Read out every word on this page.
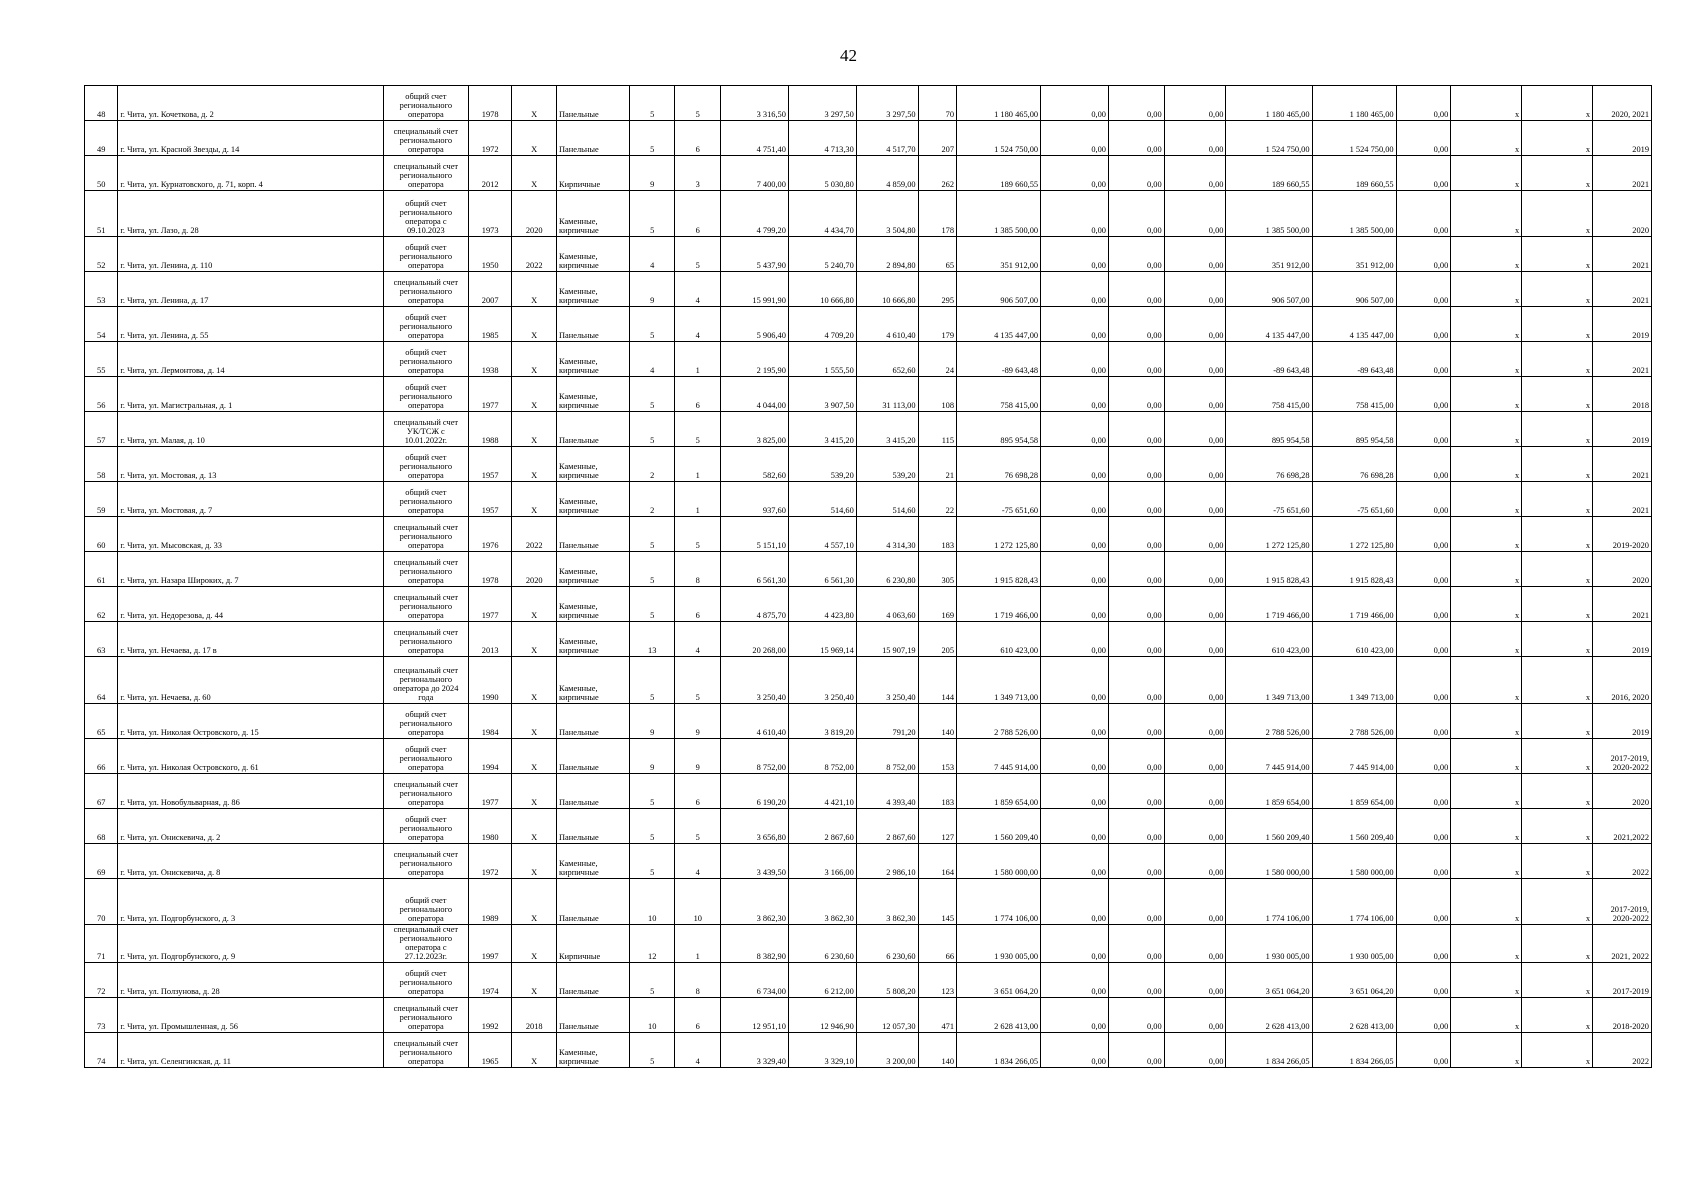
42
48	г. Чита, ул. Кочеткова, д. 2	общий счет регионального оператора	1978	Х	Панельные	5	5	3 316,50	3 297,50	3 297,50	70	1 180 465,00	0,00	0,00	0,00	1 180 465,00	1 180 465,00	0,00	х	х	2020, 2021
49	г. Чита, ул. Красной Звезды, д. 14	специальный счет регионального оператора	1972	Х	Панельные	5	6	4 751,40	4 713,30	4 517,70	207	1 524 750,00	0,00	0,00	0,00	1 524 750,00	1 524 750,00	0,00	х	х	2019
50	г. Чита, ул. Курнатовского, д. 71, корп. 4	специальный счет регионального оператора	2012	Х	Кирпичные	9	3	7 400,00	5 030,80	4 859,00	262	189 660,55	0,00	0,00	0,00	189 660,55	189 660,55	0,00	х	х	2021
51	г. Чита, ул. Лазо, д. 28	общий счет регионального оператора с 09.10.2023	1973	2020	Каменные, кирпичные	5	6	4 799,20	4 434,70	3 504,80	178	1 385 500,00	0,00	0,00	0,00	1 385 500,00	1 385 500,00	0,00	х	х	2020
52	г. Чита, ул. Ленина, д. 110	общий счет регионального оператора	1950	2022	Каменные, кирпичные	4	5	5 437,90	5 240,70	2 894,80	65	351 912,00	0,00	0,00	0,00	351 912,00	351 912,00	0,00	х	х	2021
53	г. Чита, ул. Ленина, д. 17	специальный счет регионального оператора	2007	Х	Каменные, кирпичные	9	4	15 991,90	10 666,80	10 666,80	295	906 507,00	0,00	0,00	0,00	906 507,00	906 507,00	0,00	х	х	2021
54	г. Чита, ул. Ленина, д. 55	общий счет регионального оператора	1985	Х	Панельные	5	4	5 906,40	4 709,20	4 610,40	179	4 135 447,00	0,00	0,00	0,00	4 135 447,00	4 135 447,00	0,00	х	х	2019
55	г. Чита, ул. Лермонтова, д. 14	общий счет регионального оператора	1938	Х	Каменные, кирпичные	4	1	2 195,90	1 555,50	652,60	24	-89 643,48	0,00	0,00	0,00	-89 643,48	-89 643,48	0,00	х	х	2021
56	г. Чита, ул. Магистральная, д. 1	общий счет регионального оператора	1977	Х	Каменные, кирпичные	5	6	4 044,00	3 907,50	31 113,00	108	758 415,00	0,00	0,00	0,00	758 415,00	758 415,00	0,00	х	х	2018
57	г. Чита, ул. Малая, д. 10	специальный счет УК/ТСЖ с 10.01.2022г.	1988	Х	Панельные	5	5	3 825,00	3 415,20	3 415,20	115	895 954,58	0,00	0,00	0,00	895 954,58	895 954,58	0,00	х	х	2019
58	г. Чита, ул. Мостовая, д. 13	общий счет регионального оператора	1957	Х	Каменные, кирпичные	2	1	582,60	539,20	539,20	21	76 698,28	0,00	0,00	0,00	76 698,28	76 698,28	0,00	х	х	2021
59	г. Чита, ул. Мостовая, д. 7	общий счет регионального оператора	1957	Х	Каменные, кирпичные	2	1	937,60	514,60	514,60	22	-75 651,60	0,00	0,00	0,00	-75 651,60	-75 651,60	0,00	х	х	2021
60	г. Чита, ул. Мысовская, д. 33	специальный счет регионального оператора	1976	2022	Панельные	5	5	5 151,10	4 557,10	4 314,30	183	1 272 125,80	0,00	0,00	0,00	1 272 125,80	1 272 125,80	0,00	х	х	2019-2020
61	г. Чита, ул. Назара Широких, д. 7	специальный счет регионального оператора	1978	2020	Каменные, кирпичные	5	8	6 561,30	6 561,30	6 230,80	305	1 915 828,43	0,00	0,00	0,00	1 915 828,43	1 915 828,43	0,00	х	х	2020
62	г. Чита, ул. Недорезова, д. 44	специальный счет регионального оператора	1977	Х	Каменные, кирпичные	5	6	4 875,70	4 423,80	4 063,60	169	1 719 466,00	0,00	0,00	0,00	1 719 466,00	1 719 466,00	0,00	х	х	2021
63	г. Чита, ул. Нечаева, д. 17 в	специальный счет регионального оператора	2013	Х	Каменные, кирпичные	13	4	20 268,00	15 969,14	15 907,19	205	610 423,00	0,00	0,00	0,00	610 423,00	610 423,00	0,00	х	х	2019
64	г. Чита, ул. Нечаева, д. 60	специальный счет регионального оператора до 2024 года	1990	Х	Каменные, кирпичные	5	5	3 250,40	3 250,40	3 250,40	144	1 349 713,00	0,00	0,00	0,00	1 349 713,00	1 349 713,00	0,00	х	х	2016, 2020
65	г. Чита, ул. Николая Островского, д. 15	общий счет регионального оператора	1984	Х	Панельные	9	9	4 610,40	3 819,20	791,20	140	2 788 526,00	0,00	0,00	0,00	2 788 526,00	2 788 526,00	0,00	х	х	2019
66	г. Чита, ул. Николая Островского, д. 61	общий счет регионального оператора	1994	Х	Панельные	9	9	8 752,00	8 752,00	8 752,00	153	7 445 914,00	0,00	0,00	0,00	7 445 914,00	7 445 914,00	0,00	х	х	2017-2019, 2020-2022
67	г. Чита, ул. Новобульварная, д. 86	специальный счет регионального оператора	1977	Х	Панельные	5	6	6 190,20	4 421,10	4 393,40	183	1 859 654,00	0,00	0,00	0,00	1 859 654,00	1 859 654,00	0,00	х	х	2020
68	г. Чита, ул. Онискевича, д. 2	общий счет регионального оператора	1980	Х	Панельные	5	5	3 656,80	2 867,60	2 867,60	127	1 560 209,40	0,00	0,00	0,00	1 560 209,40	1 560 209,40	0,00	х	х	2021,2022
69	г. Чита, ул. Онискевича, д. 8	специальный счет регионального оператора	1972	Х	Каменные, кирпичные	5	4	3 439,50	3 166,00	2 986,10	164	1 580 000,00	0,00	0,00	0,00	1 580 000,00	1 580 000,00	0,00	х	х	2022
70	г. Чита, ул. Подгорбунского, д. 3	общий счет регионального оператора	1989	Х	Панельные	10	10	3 862,30	3 862,30	3 862,30	145	1 774 106,00	0,00	0,00	0,00	1 774 106,00	1 774 106,00	0,00	х	х	2017-2019, 2020-2022
71	г. Чита, ул. Подгорбунского, д. 9	специальный счет регионального оператора с 27.12.2023г.	1997	Х	Кирпичные	12	1	8 382,90	6 230,60	6 230,60	66	1 930 005,00	0,00	0,00	0,00	1 930 005,00	1 930 005,00	0,00	х	х	2021, 2022
72	г. Чита, ул. Ползунова, д. 28	общий счет регионального оператора	1974	Х	Панельные	5	8	6 734,00	6 212,00	5 808,20	123	3 651 064,20	0,00	0,00	0,00	3 651 064,20	3 651 064,20	0,00	х	х	2017-2019
73	г. Чита, ул. Промышленная, д. 56	специальный счет регионального оператора	1992	2018	Панельные	10	6	12 951,10	12 946,90	12 057,30	471	2 628 413,00	0,00	0,00	0,00	2 628 413,00	2 628 413,00	0,00	х	х	2018-2020
74	г. Чита, ул. Селенгинская, д. 11	специальный счет регионального оператора	1965	Х	Каменные, кирпичные	5	4	3 329,40	3 329,10	3 200,00	140	1 834 266,05	0,00	0,00	0,00	1 834 266,05	1 834 266,05	0,00	х	х	2022
